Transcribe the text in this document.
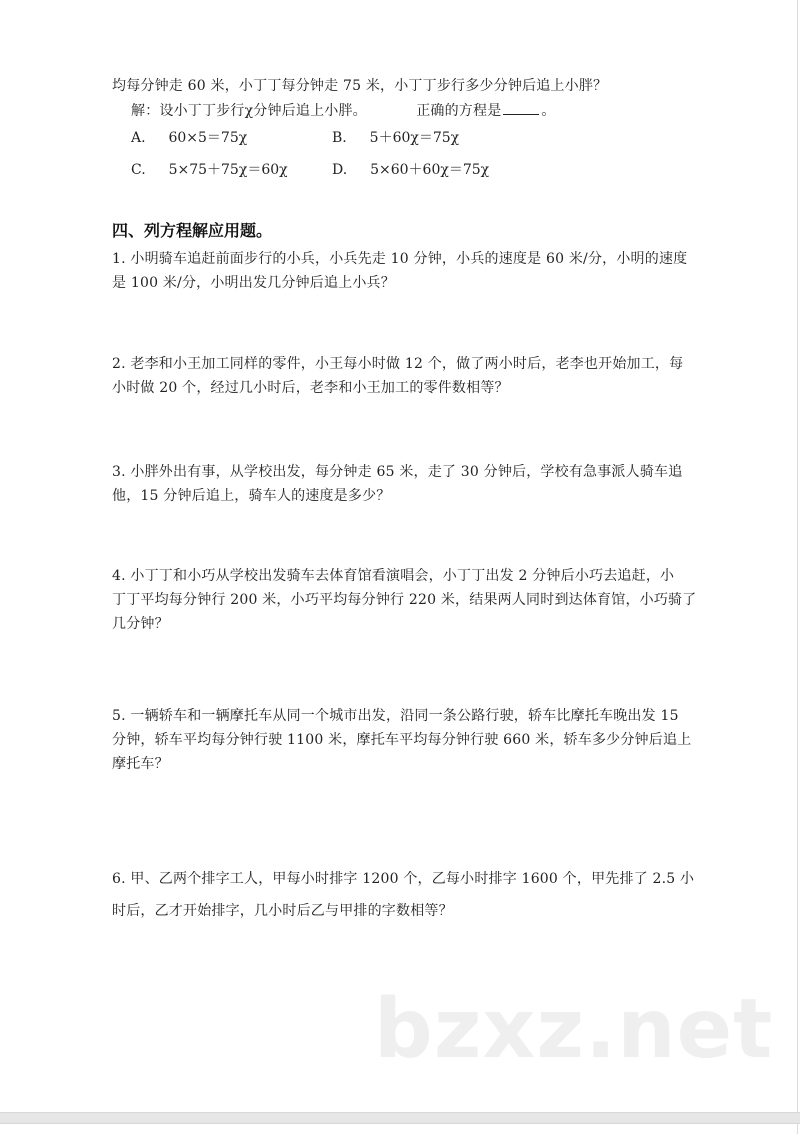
均每分钟走 60 米，小丁丁每分钟走 75 米，小丁丁步行多少分钟后追上小胖？
解：设小丁丁步行χ分钟后追上小胖。	正确的方程是	。
A. 60×5＝75χ	B. 5＋60χ＝75χ
C. 5×75＋75χ＝60χ	D. 5×60＋60χ＝75χ
四、列方程解应用题。
1. 小明骑车追赶前面步行的小兵，小兵先走 10 分钟，小兵的速度是 60 米/分，小明的速度
是 100 米/分，小明出发几分钟后追上小兵？
2. 老李和小王加工同样的零件，小王每小时做 12 个，做了两小时后，老李也开始加工，每
小时做 20 个，经过几小时后，老李和小王加工的零件数相等？
3. 小胖外出有事，从学校出发，每分钟走 65 米，走了 30 分钟后，学校有急事派人骑车追
他，15 分钟后追上，骑车人的速度是多少？
4. 小丁丁和小巧从学校出发骑车去体育馆看演唱会，小丁丁出发 2 分钟后小巧去追赶，小
丁丁平均每分钟行 200 米，小巧平均每分钟行 220 米，结果两人同时到达体育馆，小巧骑了
几分钟？
5. 一辆轿车和一辆摩托车从同一个城市出发，沿同一条公路行驶，轿车比摩托车晚出发 15
分钟，轿车平均每分钟行驶 1100 米，摩托车平均每分钟行驶 660 米，轿车多少分钟后追上
摩托车？
6. 甲、乙两个排字工人，甲每小时排字 1200 个，乙每小时排字 1600 个，甲先排了 2.5 小
时后，乙才开始排字，几小时后乙与甲排的字数相等？
bzxz.net
